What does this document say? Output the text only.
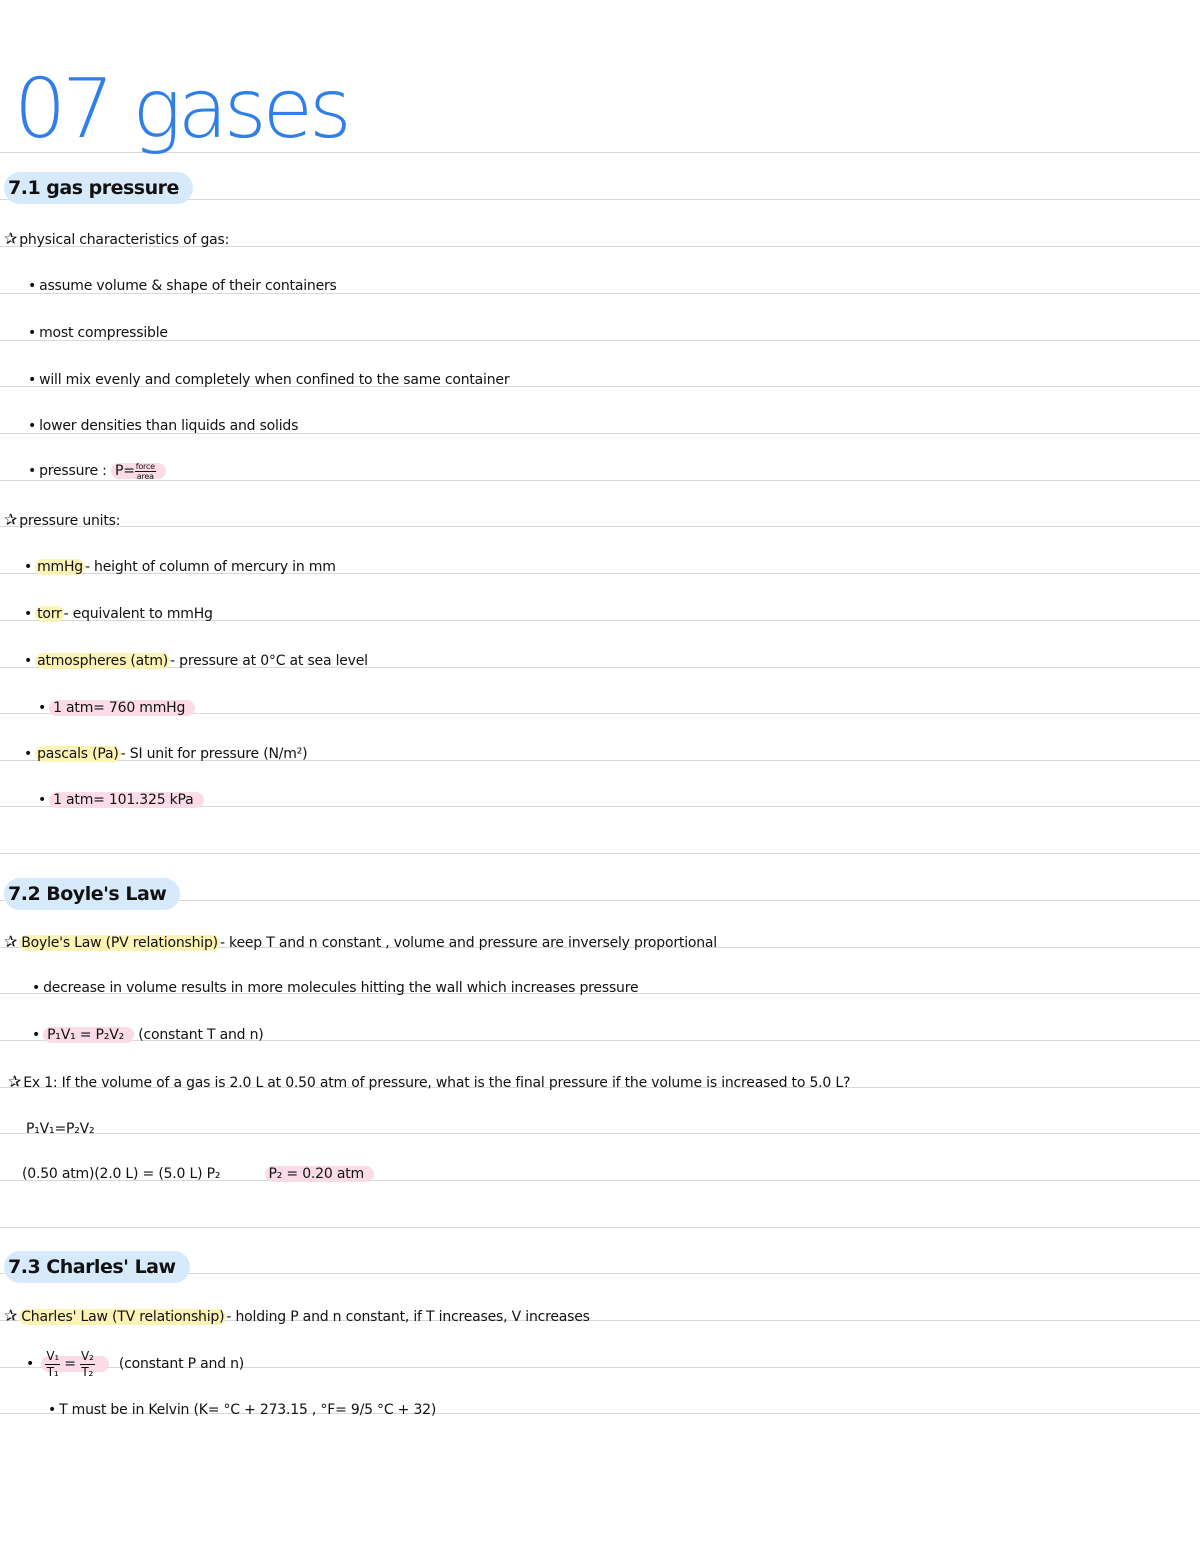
07 gases
7.1 gas pressure
✰ physical characteristics of gas:
• assume volume & shape of their containers
• most compressible
• will mix evenly and completely when confined to the same container
• lower densities than liquids and solids
• pressure : $P= \frac{\text{force}}{\text{area}}$
✰ pressure units:
• mmHg - height of column of mercury in mm
• torr - equivalent to mmHg
• atmospheres (atm) - pressure at 0°C at sea level
• 1 atm= 760 mmHg
• pascals (Pa) - SI unit for pressure (N/m²)
• 1 atm= 101.325 kPa
7.2 Boyle's Law
✰ Boyle's Law (PV relationship) - keep T and n constant , volume and pressure are inversely proportional
• decrease in volume results in more molecules hitting the wall which increases pressure
• P₁V₁ = P₂V₂ (constant T and n)
✰ Ex 1: If the volume of a gas is 2.0 L at 0.50 atm of pressure, what is the final pressure if the volume is increased to 5.0 L?
P₁V₁=P₂V₂
(0.50 atm)(2.0 L) = (5.0 L) P₂	P₂ = 0.20 atm
7.3 Charles' Law
✰ Charles' Law (TV relationship) - holding P and n constant, if T increases, V increases
• $\frac{\text{V₁}}{\text{T₁}} = \frac{\text{V₂}}{\text{T₂}}$ (constant P and n)
• T must be in Kelvin (K= °C + 273.15 , °F= 9/5 °C + 32)
